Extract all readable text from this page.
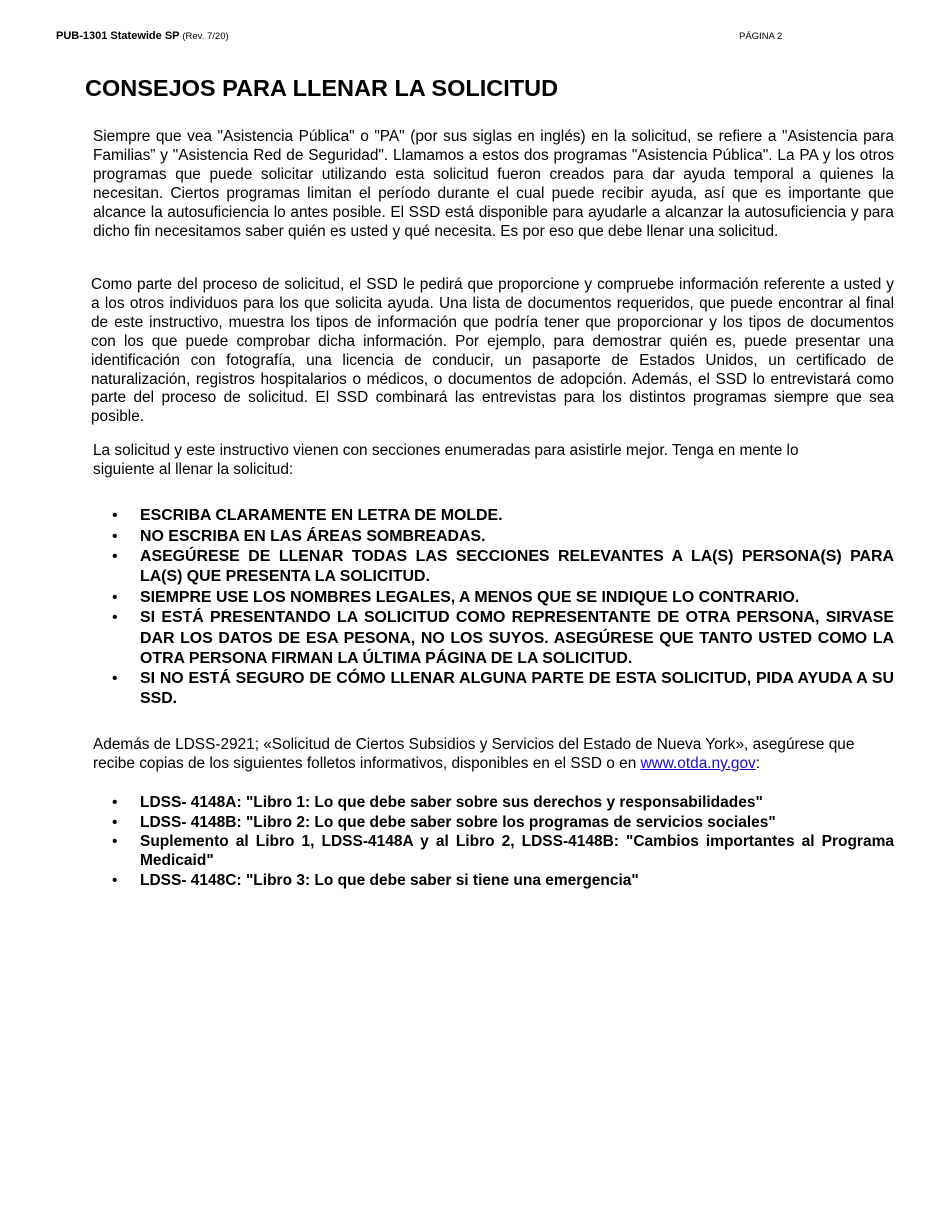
PUB-1301 Statewide SP (Rev. 7/20)	PÁGINA 2
CONSEJOS PARA LLENAR LA SOLICITUD

Siempre que vea "Asistencia Pública" o "PA" (por sus siglas en inglés) en la solicitud, se refiere a "Asistencia para Familias” y "Asistencia Red de Seguridad". Llamamos a estos dos programas "Asistencia Pública". La PA y los otros programas que puede solicitar utilizando esta solicitud fueron creados para dar ayuda temporal a quienes la necesitan. Ciertos programas limitan el período durante el cual puede recibir ayuda, así que es importante que alcance la autosuficiencia lo antes posible. El SSD está disponible para ayudarle a alcanzar la autosuficiencia y para dicho fin necesitamos saber quién es usted y qué necesita. Es por eso que debe llenar una solicitud.

Como parte del proceso de solicitud, el SSD le pedirá que proporcione y compruebe información referente a usted y a los otros individuos para los que solicita ayuda. Una lista de documentos requeridos, que puede encontrar al final de este instructivo, muestra los tipos de información que podría tener que proporcionar y los tipos de documentos con los que puede comprobar dicha información. Por ejemplo, para demostrar quién es, puede presentar una identificación con fotografía, una licencia de conducir, un pasaporte de Estados Unidos, un certificado de naturalización, registros hospitalarios o médicos, o documentos de adopción. Además, el SSD lo entrevistará como parte del proceso de solicitud. El SSD combinará las entrevistas para los distintos programas siempre que sea posible.

La solicitud y este instructivo vienen con secciones enumeradas para asistirle mejor. Tenga en mente lo siguiente al llenar la solicitud:

• ESCRIBA CLARAMENTE EN LETRA DE MOLDE.
• NO ESCRIBA EN LAS ÁREAS SOMBREADAS.
• ASEGÚRESE DE LLENAR TODAS LAS SECCIONES RELEVANTES A LA(S) PERSONA(S) PARA LA(S) QUE PRESENTA LA SOLICITUD.
• SIEMPRE USE LOS NOMBRES LEGALES, A MENOS QUE SE INDIQUE LO CONTRARIO.
• SI ESTÁ PRESENTANDO LA SOLICITUD COMO REPRESENTANTE DE OTRA PERSONA, SIRVASE DAR LOS DATOS DE ESA PESONA, NO LOS SUYOS. ASEGÚRESE QUE TANTO USTED COMO LA OTRA PERSONA FIRMAN LA ÚLTIMA PÁGINA DE LA SOLICITUD.
• SI NO ESTÁ SEGURO DE CÓMO LLENAR ALGUNA PARTE DE ESTA SOLICITUD, PIDA AYUDA A SU SSD.

Además de LDSS-2921; «Solicitud de Ciertos Subsidios y Servicios del Estado de Nueva York», asegúrese que recibe copias de los siguientes folletos informativos, disponibles en el SSD o en www.otda.ny.gov:

• LDSS- 4148A: "Libro 1: Lo que debe saber sobre sus derechos y responsabilidades"
• LDSS- 4148B: "Libro 2: Lo que debe saber sobre los programas de servicios sociales"
• Suplemento al Libro 1, LDSS-4148A y al Libro 2, LDSS-4148B: "Cambios importantes al Programa Medicaid"
• LDSS- 4148C: "Libro 3: Lo que debe saber si tiene una emergencia"
